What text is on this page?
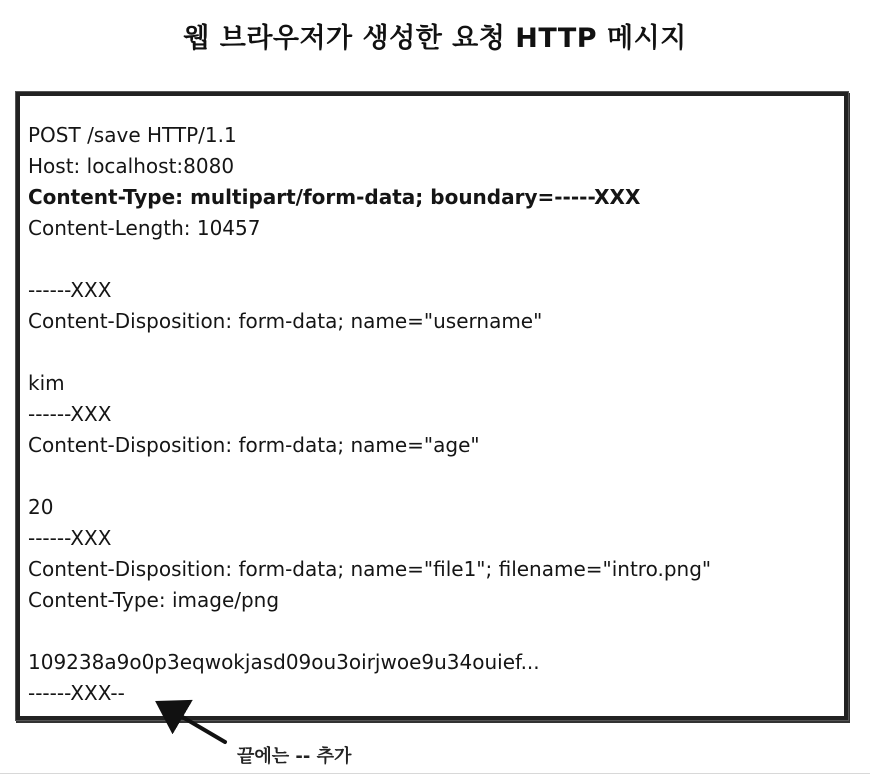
웹 브라우저가 생성한 요청 HTTP 메시지
POST /save HTTP/1.1
Host: localhost:8080
Content-Type: multipart/form-data; boundary=-----XXX
Content-Length: 10457
------XXX
Content-Disposition: form-data; name="username"
kim
------XXX
Content-Disposition: form-data; name="age"
20
------XXX
Content-Disposition: form-data; name="file1"; filename="intro.png"
Content-Type: image/png
109238a9o0p3eqwokjasd09ou3oirjwoe9u34ouief...
------XXX--
끝에는 -- 추가
